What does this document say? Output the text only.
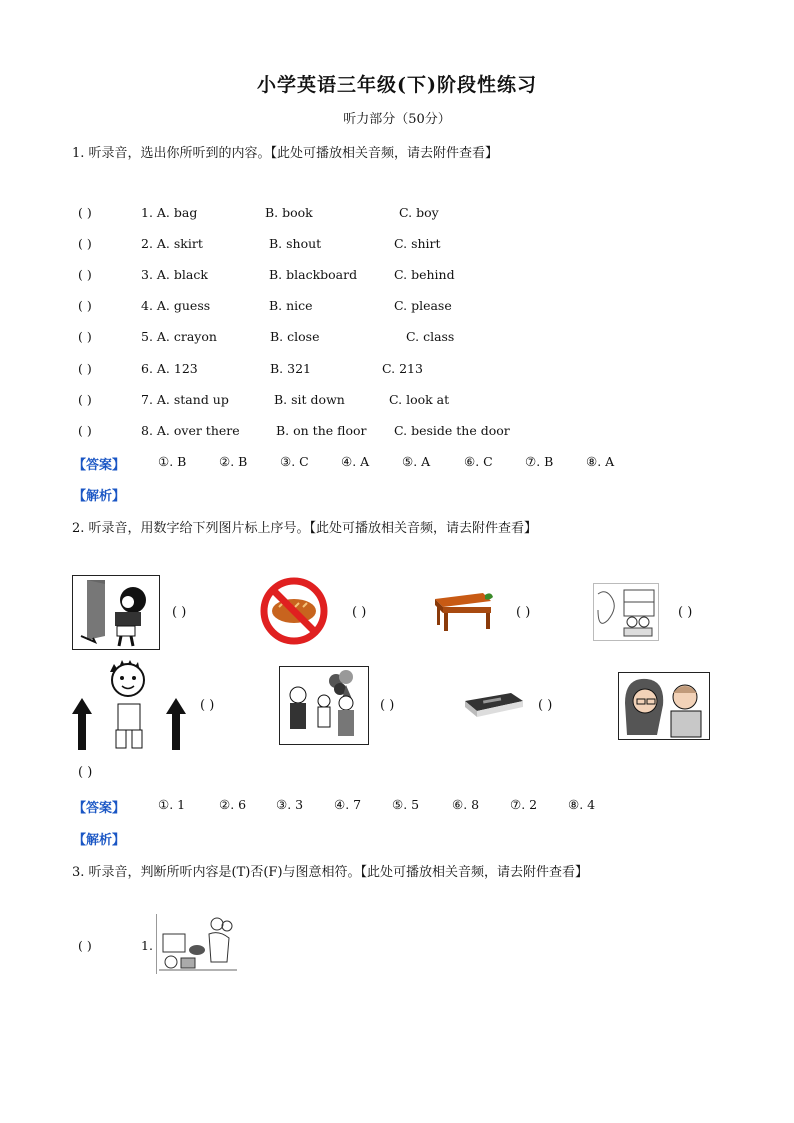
小学英语三年级(下)阶段性练习
听力部分（50分）
1. 听录音，选出你所听到的内容。【此处可播放相关音频，请去附件查看】
( )	1. A. bag	B. book	C. boy
( )	2. A. skirt	B. shout	C. shirt
( )	3. A. black	B. blackboard	C. behind
( )	4. A. guess	B. nice	C. please
( )	5. A. crayon	B. close	C. class
( )	6. A. 123	B. 321	C. 213
( )	7. A. stand up	B. sit down	C. look at
( )	8. A. over there	B. on the floor C. beside the door
【答案】	①. B	②. B	③. C	④. A	⑤. A	⑥. C	⑦. B	⑧. A
【解析】
2. 听录音，用数字给下列图片标上序号。【此处可播放相关音频，请去附件查看】
( )	( )	( )	( )
( )	( )	( )
( )
【答案】	①. 1	②. 6 ③. 3 ④. 7 ⑤. 5	⑥. 8 ⑦. 2 ⑧. 4
【解析】
3. 听录音，判断所听内容是(T)否(F)与图意相符。【此处可播放相关音频，请去附件查看】
( )	1.
